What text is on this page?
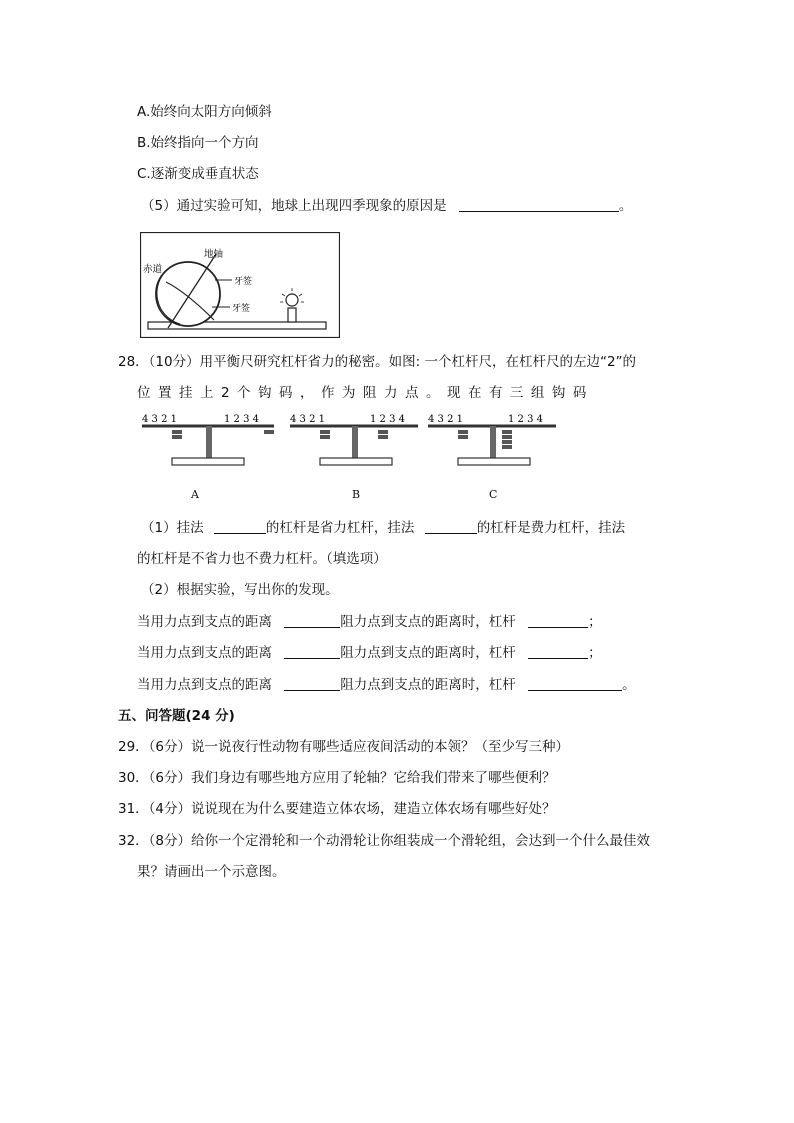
A.始终向太阳方向倾斜
B.始终指向一个方向
C.逐渐变成垂直状态
（5）通过实验可知，地球上出现四季现象的原因是	。
地轴
赤道
牙签
牙签
28．（10分）用平衡尺研究杠杆省力的秘密。如图: 一个杠杆尺，在杠杆尺的左边“2”的
位 置 挂 上 2 个 钩 码 ， 作 为 阻 力 点 。 现 在 有 三 组 钩 码
4 3 2 1	1 2 3 4	4 3 2 1	1 2 3 4 4 3 2 1	1 2 3 4
A	B	C
（1）挂法	的杠杆是省力杠杆，挂法	的杠杆是费力杠杆，挂法
的杠杆是不省力也不费力杠杆。（填选项）
（2）根据实验，写出你的发现。
当用力点到支点的距离	阻力点到支点的距离时，杠杆	；
当用力点到支点的距离	阻力点到支点的距离时，杠杆	；
当用力点到支点的距离	阻力点到支点的距离时，杠杆	。
五、问答题(24 分)
29．（6分）说一说夜行性动物有哪些适应夜间活动的本领？（至少写三种）
30．（6分）我们身边有哪些地方应用了轮轴？它给我们带来了哪些便利？
31．（4分）说说现在为什么要建造立体农场，建造立体农场有哪些好处？
32．（8分）给你一个定滑轮和一个动滑轮让你组装成一个滑轮组，会达到一个什么最佳效
果？请画出一个示意图。
